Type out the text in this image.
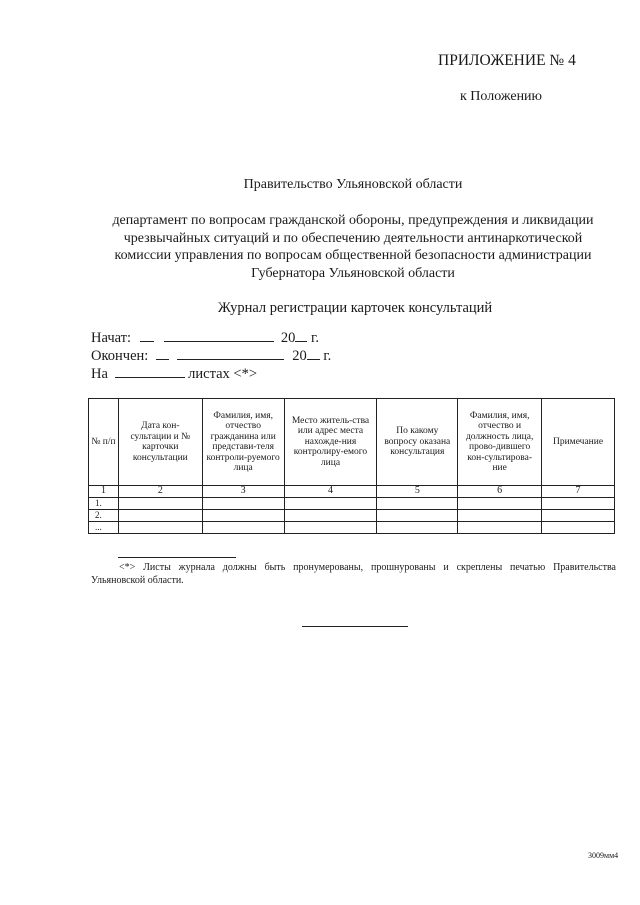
ПРИЛОЖЕНИЕ № 4
к Положению
Правительство Ульяновской области
департамент по вопросам гражданской обороны, предупреждения и ликвидации
чрезвычайных ситуаций и по обеспечению деятельности антинаркотической
комиссии управления по вопросам общественной безопасности администрации
Губернатора Ульяновской области
Журнал регистрации карточек консультаций
Начат:	20 г.
Окончен:	20 г.
На	листах <*>
№ п/п	Дата кон-сультации и № карточки консультации	Фамилия, имя, отчество гражданина или представи-теля контроли-руемого лица	Место житель-ства или адрес места нахожде-ния контролиру-емого лица	По какому вопросу оказана консультация	Фамилия, имя, отчество и должность лица, прово-дившего кон-сультирова-ние	Примечание
1	2	3	4	5	6	7
1.						
2.						
...						
<*> Листы журнала должны быть пронумерованы, прошнурованы и скреплены печатью Правительства Ульяновской области.
3009мм4
